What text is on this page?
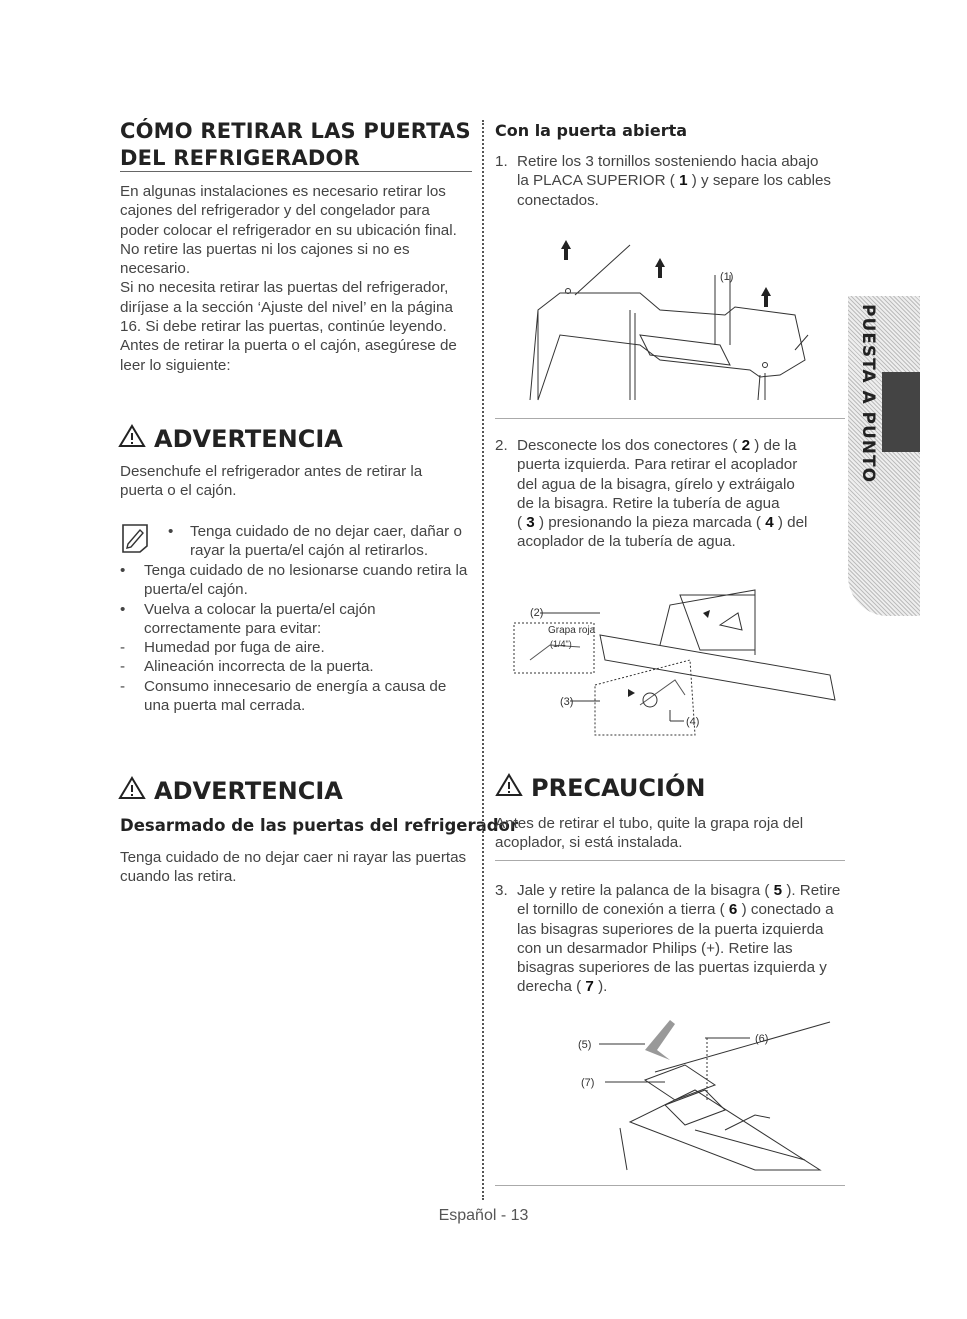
CÓMO RETIRAR LAS PUERTAS
DEL REFRIGERADOR
En algunas instalaciones es necesario retirar los
cajones del refrigerador y del congelador para
poder colocar el refrigerador en su ubicación final.
No retire las puertas ni los cajones si no es
necesario.
Si no necesita retirar las puertas del refrigerador,
diríjase a la sección ‘Ajuste del nivel’ en la página
16. Si debe retirar las puertas, continúe leyendo.
Antes de retirar la puerta o el cajón, asegúrese de
leer lo siguiente:
ADVERTENCIA
Desenchufe el refrigerador antes de retirar la
puerta o el cajón.
•	Tenga cuidado de no dejar caer, dañar o
rayar la puerta/el cajón al retirarlos.
•	Tenga cuidado de no lesionarse cuando retira la
puerta/el cajón.
•	Vuelva a colocar la puerta/el cajón
correctamente para evitar:
-	Humedad por fuga de aire.
-	Alineación incorrecta de la puerta.
-	Consumo innecesario de energía a causa de
una puerta mal cerrada.
ADVERTENCIA
Desarmado de las puertas del refrigerador
Tenga cuidado de no dejar caer ni rayar las puertas
cuando las retira.
Con la puerta abierta
1. Retire los 3 tornillos sosteniendo hacia abajo
la PLACA SUPERIOR ( 1 ) y separe los cables
conectados.
(1)
2. Desconecte los dos conectores ( 2 ) de la
puerta izquierda. Para retirar el acoplador
del agua de la bisagra, gírelo y extráigalo
de la bisagra. Retire la tubería de agua
( 3 ) presionando la pieza marcada ( 4 ) del
acoplador de la tubería de agua.
(2)
Grapa roja
(1/4")
(3)
(4)
PRECAUCIÓN
Antes de retirar el tubo, quite la grapa roja del
acoplador, si está instalada.
3. Jale y retire la palanca de la bisagra ( 5 ). Retire
el tornillo de conexión a tierra ( 6 ) conectado a
las bisagras superiores de la puerta izquierda
con un desarmador Philips (+). Retire las
bisagras superiores de las puertas izquierda y
derecha ( 7 ).
(5)	(6)
(7)
PUESTA A PUNTO
Español - 13
